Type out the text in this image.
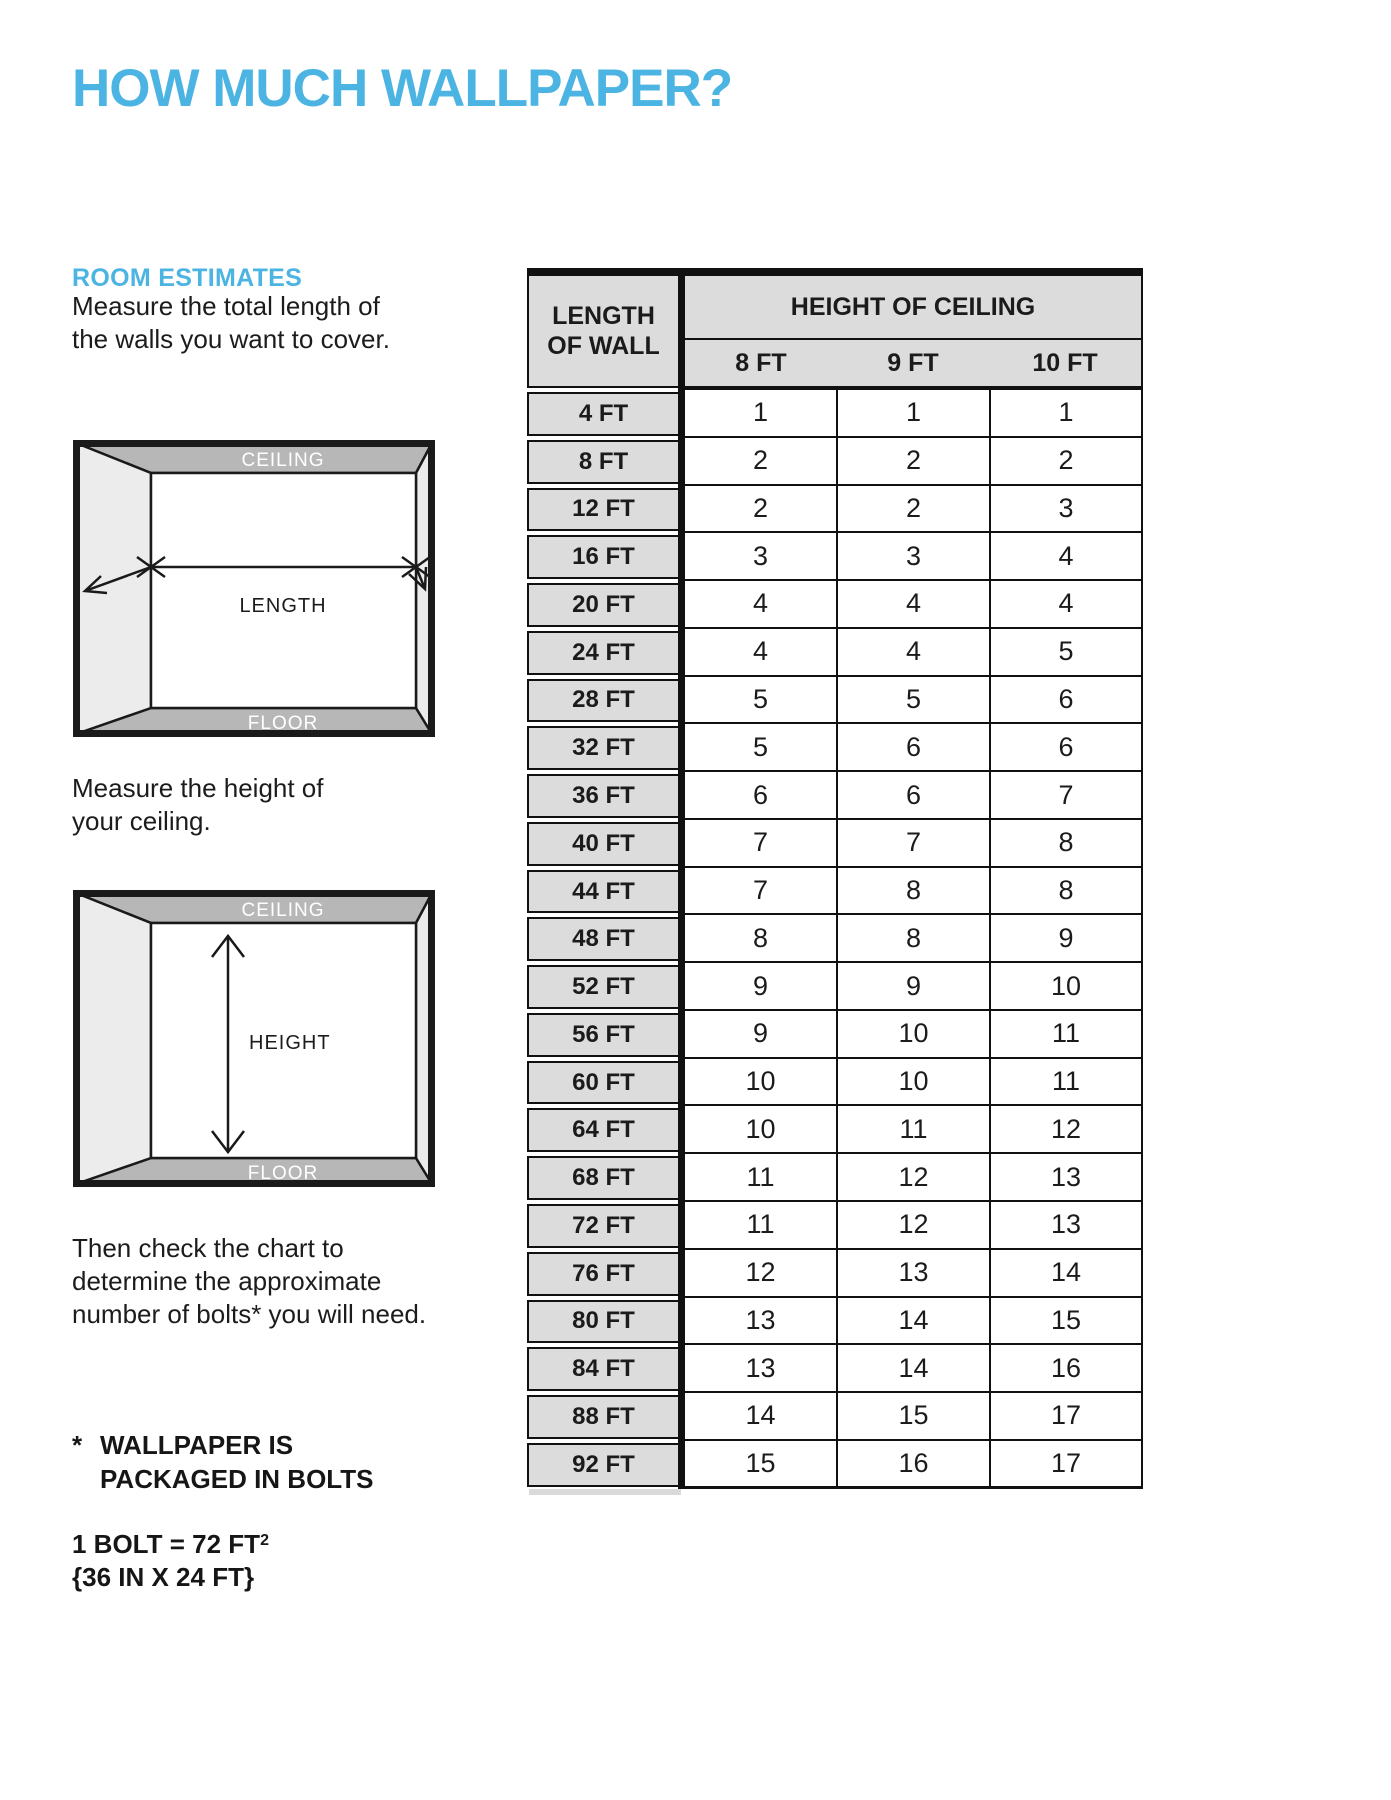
HOW MUCH WALLPAPER?
ROOM ESTIMATES
Measure the total length of
the walls you want to cover.
CEILING
FLOOR
LENGTH
Measure the height of
your ceiling.
CEILING
FLOOR
HEIGHT
Then check the chart to
determine the approximate
number of bolts* you will need.
* WALLPAPER IS
PACKAGED IN BOLTS
1 BOLT = 72 $FT^2$
{36 IN X 24 FT}
LENGTH
OF WALL
HEIGHT OF CEILING
8 FT	9 FT	10 FT
4 FT	1	1	1
8 FT	2	2	2
12 FT	2	2	3
16 FT	3	3	4
20 FT	4	4	4
24 FT	4	4	5
28 FT	5	5	6
32 FT	5	6	6
36 FT	6	6	7
40 FT	7	7	8
44 FT	7	8	8
48 FT	8	8	9
52 FT	9	9	10
56 FT	9	10	11
60 FT	10	10	11
64 FT	10	11	12
68 FT	11	12	13
72 FT	11	12	13
76 FT	12	13	14
80 FT	13	14	15
84 FT	13	14	16
88 FT	14	15	17
92 FT	15	16	17
